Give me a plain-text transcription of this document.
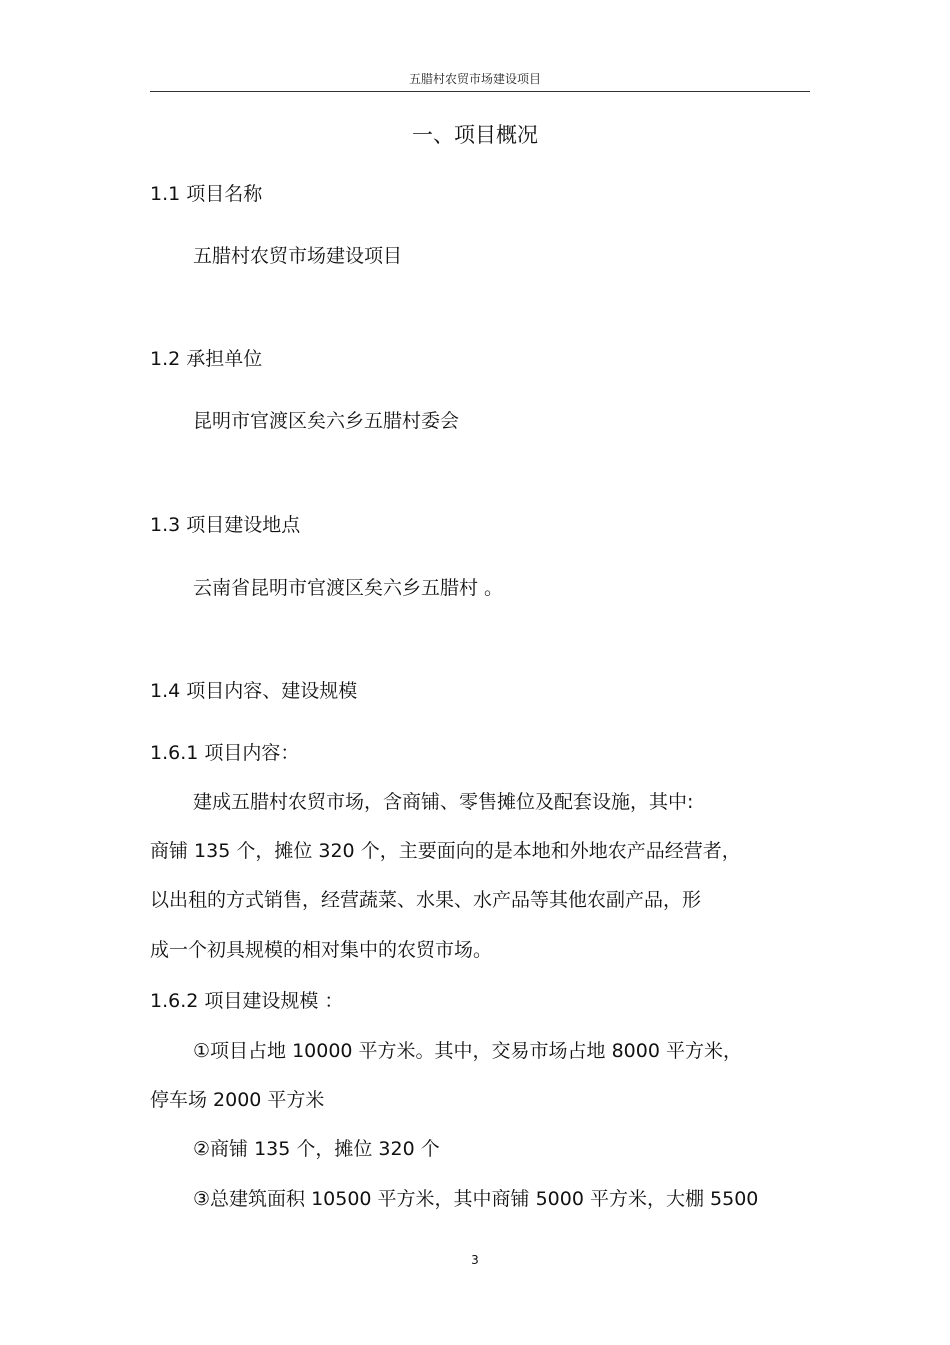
五腊村农贸市场建设项目
一、项目概况
1.1 项目名称
五腊村农贸市场建设项目
1.2 承担单位
昆明市官渡区矣六乡五腊村委会
1.3 项目建设地点
云南省昆明市官渡区矣六乡五腊村 。
1.4 项目内容、建设规模
1.6.1 项目内容：
建成五腊村农贸市场，含商铺、零售摊位及配套设施，其中:
商铺 135 个，摊位 320 个，主要面向的是本地和外地农产品经营者，
以出租的方式销售，经营蔬菜、水果、水产品等其他农副产品，形
成一个初具规模的相对集中的农贸市场。
1.6.2 项目建设规模 ：
①项目占地 10000 平方米。其中，交易市场占地 8000 平方米，
停车场 2000 平方米
②商铺 135 个，摊位 320 个
③总建筑面积 10500 平方米，其中商铺 5000 平方米，大棚 5500
3
